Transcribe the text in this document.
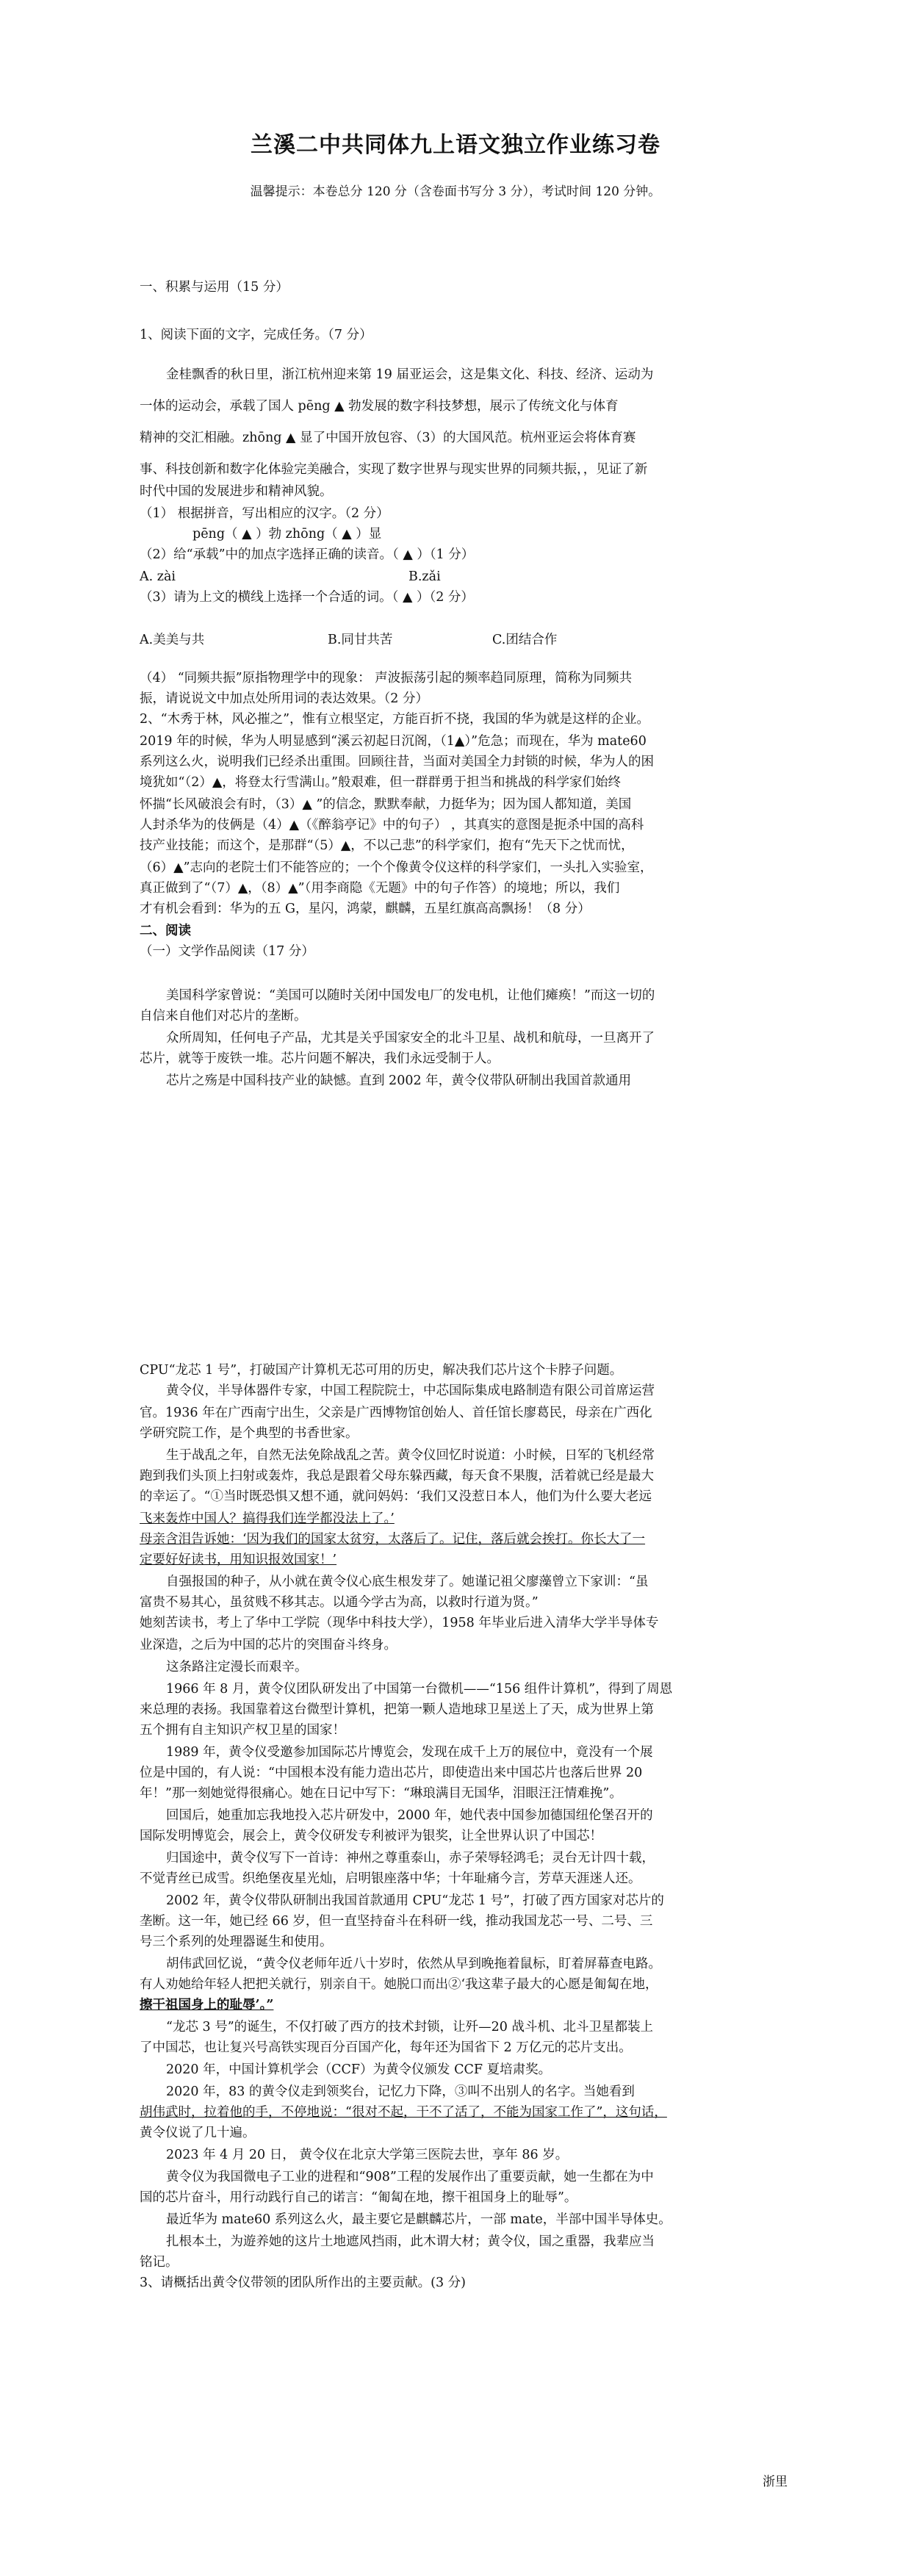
兰溪二中共同体九上语文独立作业练习卷
温馨提示：本卷总分 120 分（含卷面书写分 3 分），考试时间 120 分钟。
一、积累与运用（15 分）
1、阅读下面的文字，完成任务。（7 分）
金桂飘香的秋日里，浙江杭州迎来第 19 届亚运会，这是集文化、科技、经济、运动为
一体的运动会，承载了国人 pēng ▲ 勃发展的数字科技梦想，展示了传统文化与体育
精神的交汇相融。zhōng ▲ 显了中国开放包容、（3）的大国风范。杭州亚运会将体育赛
事、科技创新和数字化体验完美融合，实现了数字世界与现实世界的同频共振，，见证了新
时代中国的发展进步和精神风貌。
（1） 根据拼音，写出相应的汉字。（2 分）
pēng（ ▲ ）勃 zhōng（ ▲ ）显
（2）给“承载”中的加点字选择正确的读音。（ ▲ ）（1 分）
A. zài	B.zǎi
（3）请为上文的横线上选择一个合适的词。（ ▲ ）（2 分）
A.美美与共	B.同甘共苦	C.团结合作
（4） “同频共振”原指物理学中的现象： 声波振荡引起的频率趋同原理，简称为同频共
振，请说说文中加点处所用词的表达效果。（2 分）
2、“木秀于林，风必摧之”，惟有立根坚定，方能百折不挠，我国的华为就是这样的企业。
2019 年的时候，华为人明显感到“溪云初起日沉阁，（1▲）”危急；而现在，华为 mate60
系列这么火，说明我们已经杀出重围。回顾往昔，当面对美国全力封锁的时候，华为人的困
境犹如“（2）▲，将登太行雪满山。”般艰难，但一群群勇于担当和挑战的科学家们始终
怀揣“长风破浪会有时，（3）▲ ”的信念，默默奉献，力挺华为；因为国人都知道，美国
人封杀华为的伎俩是（4）▲（《醉翁亭记》中的句子） ，其真实的意图是扼杀中国的高科
技产业技能；而这个，是那群“（5）▲，不以己悲”的科学家们，抱有“先天下之忧而忧，
（6）▲”志向的老院士们不能答应的；一个个像黄令仪这样的科学家们，一头扎入实验室，
真正做到了“（7）▲，（8）▲”（用李商隐《无题》中的句子作答）的境地；所以，我们
才有机会看到：华为的五 G，星闪，鸿蒙，麒麟，五星红旗高高飘扬！（8 分）
二、阅读
（一）文学作品阅读（17 分）
美国科学家曾说：“美国可以随时关闭中国发电厂的发电机，让他们瘫痪！”而这一切的
自信来自他们对芯片的垄断。
众所周知，任何电子产品，尤其是关乎国家安全的北斗卫星、战机和航母，一旦离开了
芯片，就等于废铁一堆。芯片问题不解决，我们永远受制于人。
芯片之殇是中国科技产业的缺憾。直到 2002 年，黄令仪带队研制出我国首款通用
CPU“龙芯 1 号”，打破国产计算机无芯可用的历史，解决我们芯片这个卡脖子问题。
黄令仪，半导体器件专家，中国工程院院士，中芯国际集成电路制造有限公司首席运营
官。1936 年在广西南宁出生，父亲是广西博物馆创始人、首任馆长廖葛民，母亲在广西化
学研究院工作，是个典型的书香世家。
生于战乱之年，自然无法免除战乱之苦。黄令仪回忆时说道：小时候，日军的飞机经常
跑到我们头顶上扫射或轰炸，我总是跟着父母东躲西藏，每天食不果腹，活着就已经是最大
的幸运了。“①当时既恐惧又想不通，就问妈妈：‘我们又没惹日本人，他们为什么要大老远
飞来轰炸中国人？搞得我们连学都没法上了。’
母亲含泪告诉她：‘因为我们的国家太贫穷，太落后了。记住，落后就会挨打。你长大了一
定要好好读书，用知识报效国家！’
自强报国的种子，从小就在黄令仪心底生根发芽了。她谨记祖父廖藻曾立下家训：“虽
富贵不易其心，虽贫贱不移其志。以通今学古为高，以救时行道为贤。”
她刻苦读书，考上了华中工学院（现华中科技大学），1958 年毕业后进入清华大学半导体专
业深造，之后为中国的芯片的突围奋斗终身。
这条路注定漫长而艰辛。
1966 年 8 月，黄令仪团队研发出了中国第一台微机——“156 组件计算机”，得到了周恩
来总理的表扬。我国靠着这台微型计算机，把第一颗人造地球卫星送上了天，成为世界上第
五个拥有自主知识产权卫星的国家！
1989 年，黄令仪受邀参加国际芯片博览会，发现在成千上万的展位中，竟没有一个展
位是中国的，有人说：“中国根本没有能力造出芯片，即使造出来中国芯片也落后世界 20
年！”那一刻她觉得很痛心。她在日记中写下：“琳琅满目无国华，泪眼汪汪情难挽”。
回国后，她重加忘我地投入芯片研发中，2000 年，她代表中国参加德国纽伦堡召开的
国际发明博览会，展会上，黄令仪研发专利被评为银奖，让全世界认识了中国芯！
归国途中，黄令仪写下一首诗：神州之尊重泰山，赤子荣辱轻鸿毛；灵台无计四十载，
不觉青丝已成雪。织绝堡夜星光灿，启明银座落中华；十年耻痛今言，芳草天涯迷人还。
2002 年，黄令仪带队研制出我国首款通用 CPU“龙芯 1 号”，打破了西方国家对芯片的
垄断。这一年，她已经 66 岁，但一直坚持奋斗在科研一线，推动我国龙芯一号、二号、三
号三个系列的处理器诞生和使用。
胡伟武回忆说，“黄令仪老师年近八十岁时，依然从早到晚拖着鼠标，盯着屏幕查电路。
有人劝她给年轻人把把关就行，别亲自干。她脱口而出②‘我这辈子最大的心愿是匍匐在地，
擦干祖国身上的耻辱’。”
“龙芯 3 号”的诞生，不仅打破了西方的技术封锁，让歼—20 战斗机、北斗卫星都装上
了中国芯，也让复兴号高铁实现百分百国产化，每年还为国省下 2 万亿元的芯片支出。
2020 年，中国计算机学会（CCF）为黄令仪颁发 CCF 夏培肃奖。
2020 年，83 的黄令仪走到领奖台，记忆力下降，③叫不出别人的名字。当她看到
胡伟武时，拉着他的手，不停地说：“很对不起，干不了活了，不能为国家工作了”，这句话，
黄令仪说了几十遍。
2023 年 4 月 20 日， 黄令仪在北京大学第三医院去世，享年 86 岁。
黄令仪为我国微电子工业的进程和“908”工程的发展作出了重要贡献，她一生都在为中
国的芯片奋斗，用行动践行自己的诺言：“匍匐在地，擦干祖国身上的耻辱”。
最近华为 mate60 系列这么火，最主要它是麒麟芯片，一部 mate，半部中国半导体史。
扎根本土，为遊养她的这片土地遮风挡雨，此木谓大材；黄令仪，国之重器，我辈应当
铭记。
3、请概括出黄令仪带领的团队所作出的主要贡献。(3 分)
浙里
